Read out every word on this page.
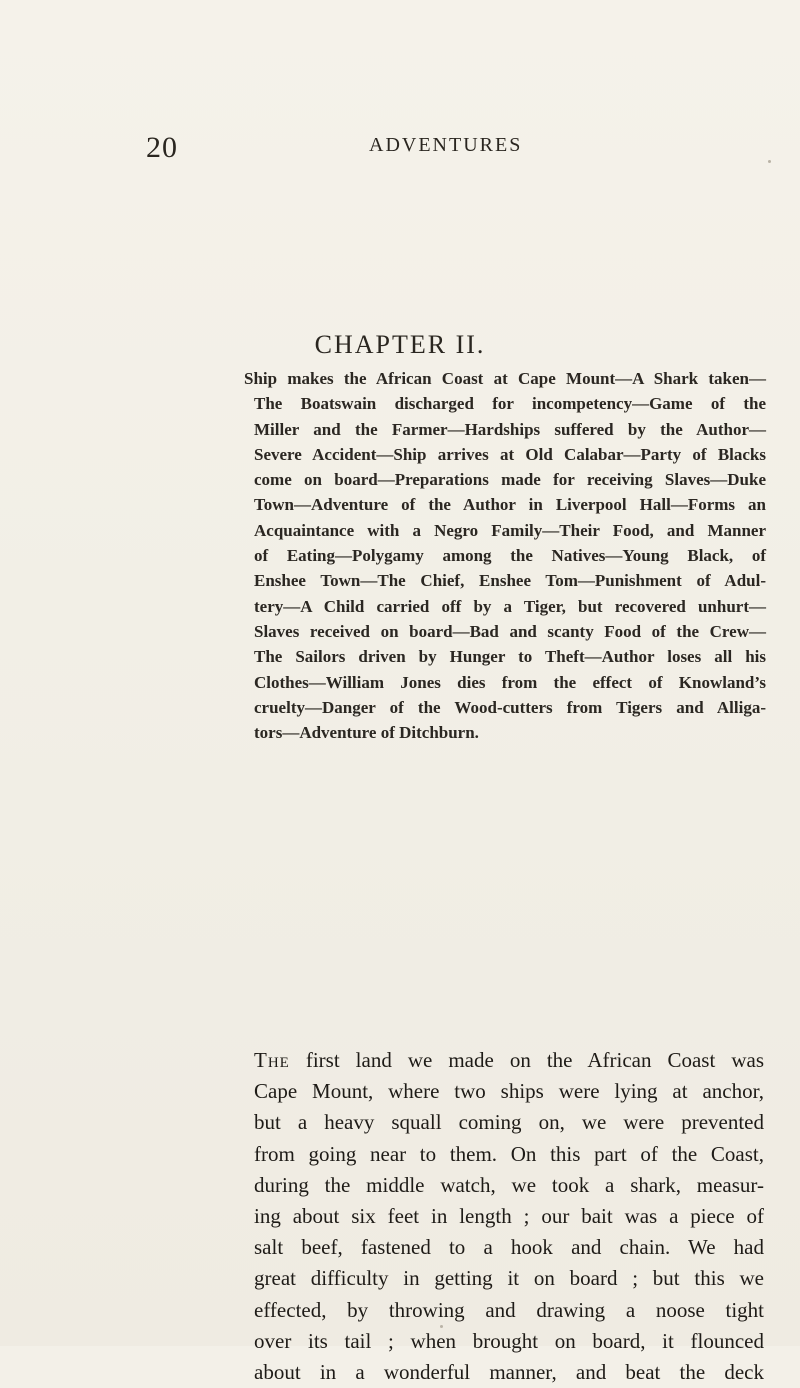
20	ADVENTURES
CHAPTER II.
Ship makes the African Coast at Cape Mount—A Shark taken—
The Boatswain discharged for incompetency—Game of the
Miller and the Farmer—Hardships suffered by the Author—
Severe Accident—Ship arrives at Old Calabar—Party of Blacks
come on board—Preparations made for receiving Slaves—Duke
Town—Adventure of the Author in Liverpool Hall—Forms an
Acquaintance with a Negro Family—Their Food, and Manner
of Eating—Polygamy among the Natives—Young Black, of
Enshee Town—The Chief, Enshee Tom—Punishment of Adul-
tery—A Child carried off by a Tiger, but recovered unhurt—
Slaves received on board—Bad and scanty Food of the Crew—
The Sailors driven by Hunger to Theft—Author loses all his
Clothes—William Jones dies from the effect of Knowland’s
cruelty—Danger of the Wood-cutters from Tigers and Alliga-
tors—Adventure of Ditchburn.
The first land we made on the African Coast was
Cape Mount, where two ships were lying at anchor,
but a heavy squall coming on, we were prevented
from going near to them. On this part of the Coast,
during the middle watch, we took a shark, measur-
ing about six feet in length ; our bait was a piece of
salt beef, fastened to a hook and chain. We had
great difficulty in getting it on board ; but this we
effected, by throwing and drawing a noose tight
over its tail ; when brought on board, it flounced
about in a wonderful manner, and beat the deck
